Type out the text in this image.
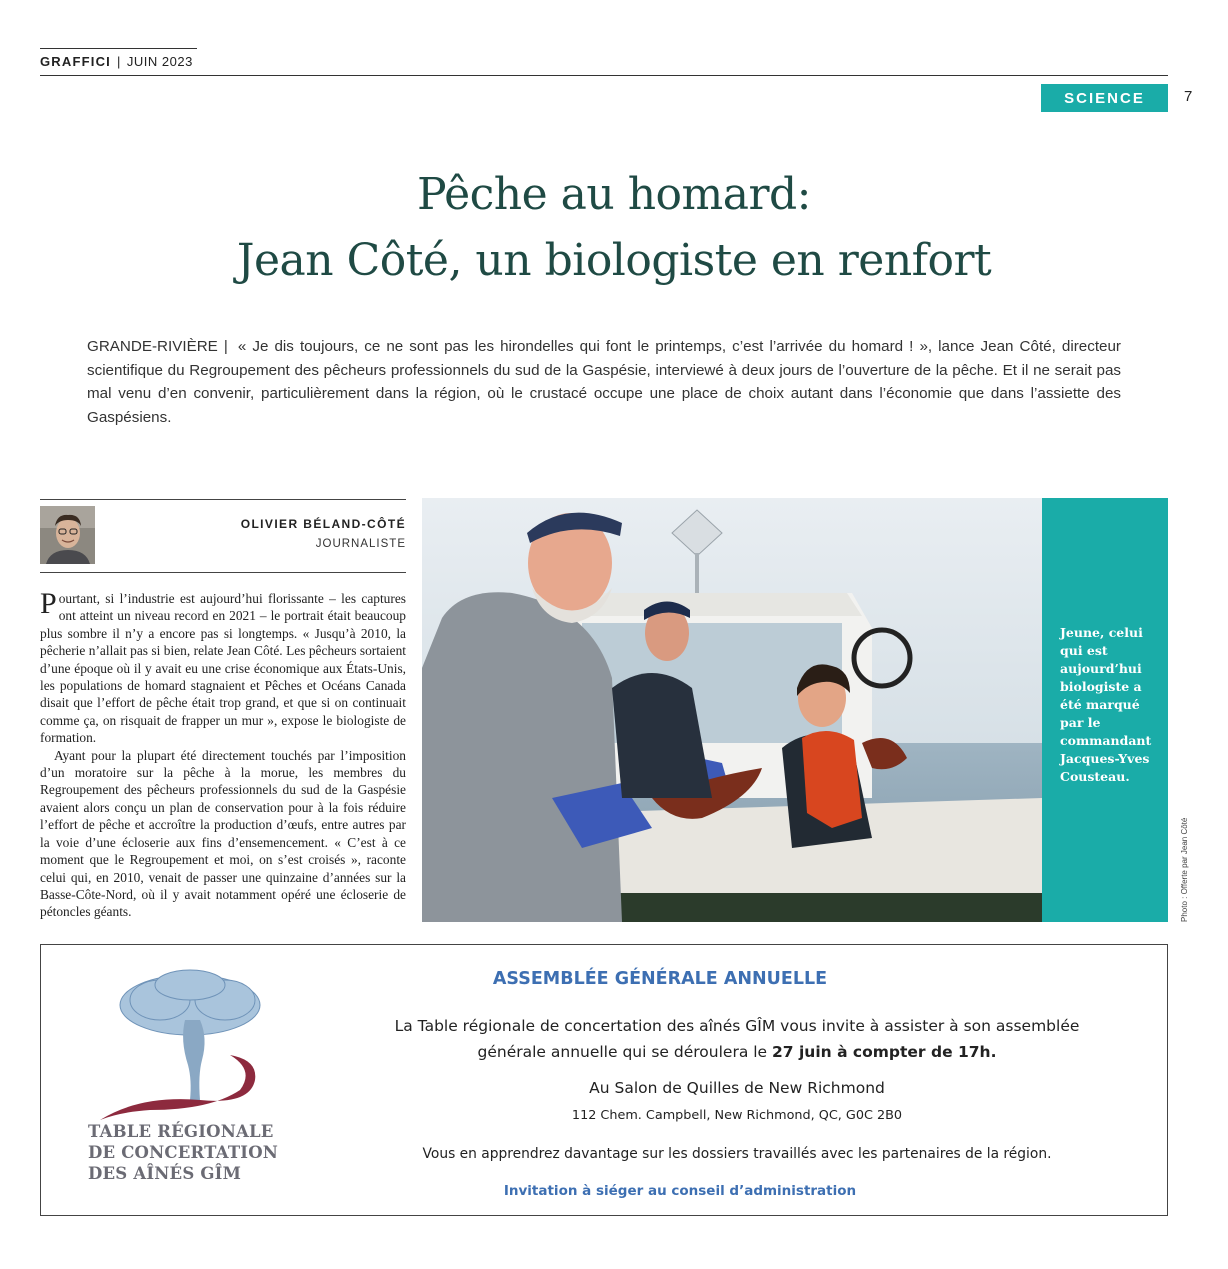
GRAFFICI | JUIN 2023
SCIENCE	7
Pêche au homard:
Jean Côté, un biologiste en renfort
GRANDE-RIVIÈRE | « Je dis toujours, ce ne sont pas les hirondelles qui font le printemps, c’est l’arrivée du homard ! », lance Jean Côté, directeur scientifique du Regroupement des pêcheurs professionnels du sud de la Gaspésie, interviewé à deux jours de l’ouverture de la pêche. Et il ne serait pas mal venu d’en convenir, particulièrement dans la région, où le crustacé occupe une place de choix autant dans l’économie que dans l’assiette des Gaspésiens.
OLIVIER BÉLAND-CÔTÉ
JOURNALISTE

Pourtant, si l’industrie est aujourd’hui florissante – les captures ont atteint un niveau record en 2021 – le portrait était beaucoup plus sombre il n’y a encore pas si longtemps. « Jusqu’à 2010, la pêcherie n’allait pas si bien, relate Jean Côté. Les pêcheurs sortaient d’une époque où il y avait eu une crise économique aux États-Unis, les populations de homard stagnaient et Pêches et Océans Canada disait que l’effort de pêche était trop grand, et que si on continuait comme ça, on risquait de frapper un mur », expose le biologiste de formation.

Ayant pour la plupart été directement touchés par l’imposition d’un moratoire sur la pêche à la morue, les membres du Regroupement des pêcheurs professionnels du sud de la Gaspésie avaient alors conçu un plan de conservation pour à la fois réduire l’effort de pêche et accroître la production d’œufs, entre autres par la voie d’une écloserie aux fins d’ensemencement. « C’est à ce moment que le Regroupement et moi, on s’est croisés », raconte celui qui, en 2010, venait de passer une quinzaine d’années sur la Basse-Côte-Nord, où il y avait notamment opéré une écloserie de pétoncles géants.

Jeune, celui qui est aujourd’hui biologiste a été marqué par le commandant Jacques-Yves Cousteau.
Photo : Offerte par Jean Côté
TABLE RÉGIONALE
DE CONCERTATION
DES AÎNÉS GÎM
ASSEMBLÉE GÉNÉRALE ANNUELLE
La Table régionale de concertation des aînés GÎM vous invite à assister à son assemblée
générale annuelle qui se déroulera le 27 juin à compter de 17h.
Au Salon de Quilles de New Richmond
112 Chem. Campbell, New Richmond, QC, G0C 2B0
Vous en apprendrez davantage sur les dossiers travaillés avec les partenaires de la région.
Invitation à siéger au conseil d’administration
